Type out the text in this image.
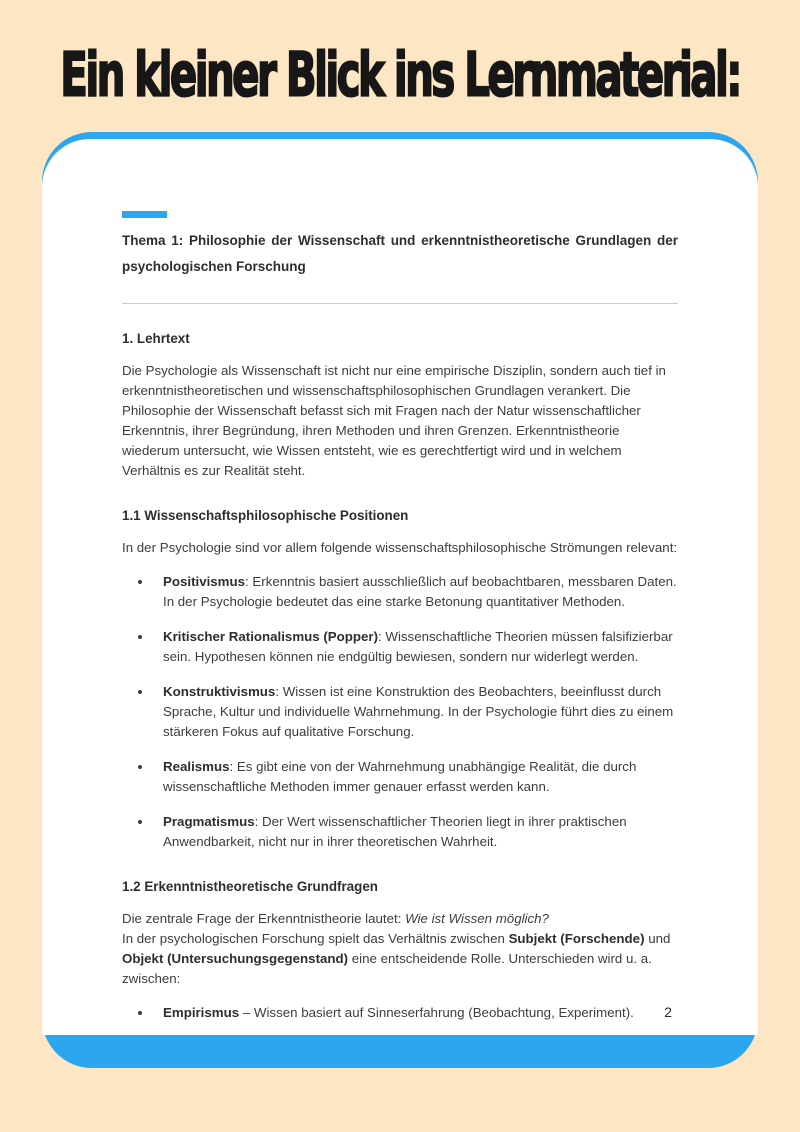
Ein kleiner Blick ins Lernmaterial:

Thema 1: Philosophie der Wissenschaft und erkenntnistheoretische Grundlagen der psychologischen Forschung

1. Lehrtext

Die Psychologie als Wissenschaft ist nicht nur eine empirische Disziplin, sondern auch tief in erkenntnistheoretischen und wissenschaftsphilosophischen Grundlagen verankert. Die Philosophie der Wissenschaft befasst sich mit Fragen nach der Natur wissenschaftlicher Erkenntnis, ihrer Begründung, ihren Methoden und ihren Grenzen. Erkenntnistheorie wiederum untersucht, wie Wissen entsteht, wie es gerechtfertigt wird und in welchem Verhältnis es zur Realität steht.

1.1 Wissenschaftsphilosophische Positionen

In der Psychologie sind vor allem folgende wissenschaftsphilosophische Strömungen relevant:

• Positivismus: Erkenntnis basiert ausschließlich auf beobachtbaren, messbaren Daten. In der Psychologie bedeutet das eine starke Betonung quantitativer Methoden.
• Kritischer Rationalismus (Popper): Wissenschaftliche Theorien müssen falsifizierbar sein. Hypothesen können nie endgültig bewiesen, sondern nur widerlegt werden.
• Konstruktivismus: Wissen ist eine Konstruktion des Beobachters, beeinflusst durch Sprache, Kultur und individuelle Wahrnehmung. In der Psychologie führt dies zu einem stärkeren Fokus auf qualitative Forschung.
• Realismus: Es gibt eine von der Wahrnehmung unabhängige Realität, die durch wissenschaftliche Methoden immer genauer erfasst werden kann.
• Pragmatismus: Der Wert wissenschaftlicher Theorien liegt in ihrer praktischen Anwendbarkeit, nicht nur in ihrer theoretischen Wahrheit.

1.2 Erkenntnistheoretische Grundfragen

Die zentrale Frage der Erkenntnistheorie lautet: Wie ist Wissen möglich?
In der psychologischen Forschung spielt das Verhältnis zwischen Subjekt (Forschende) und Objekt (Untersuchungsgegenstand) eine entscheidende Rolle. Unterschieden wird u. a. zwischen:

• Empirismus – Wissen basiert auf Sinneserfahrung (Beobachtung, Experiment).	2
